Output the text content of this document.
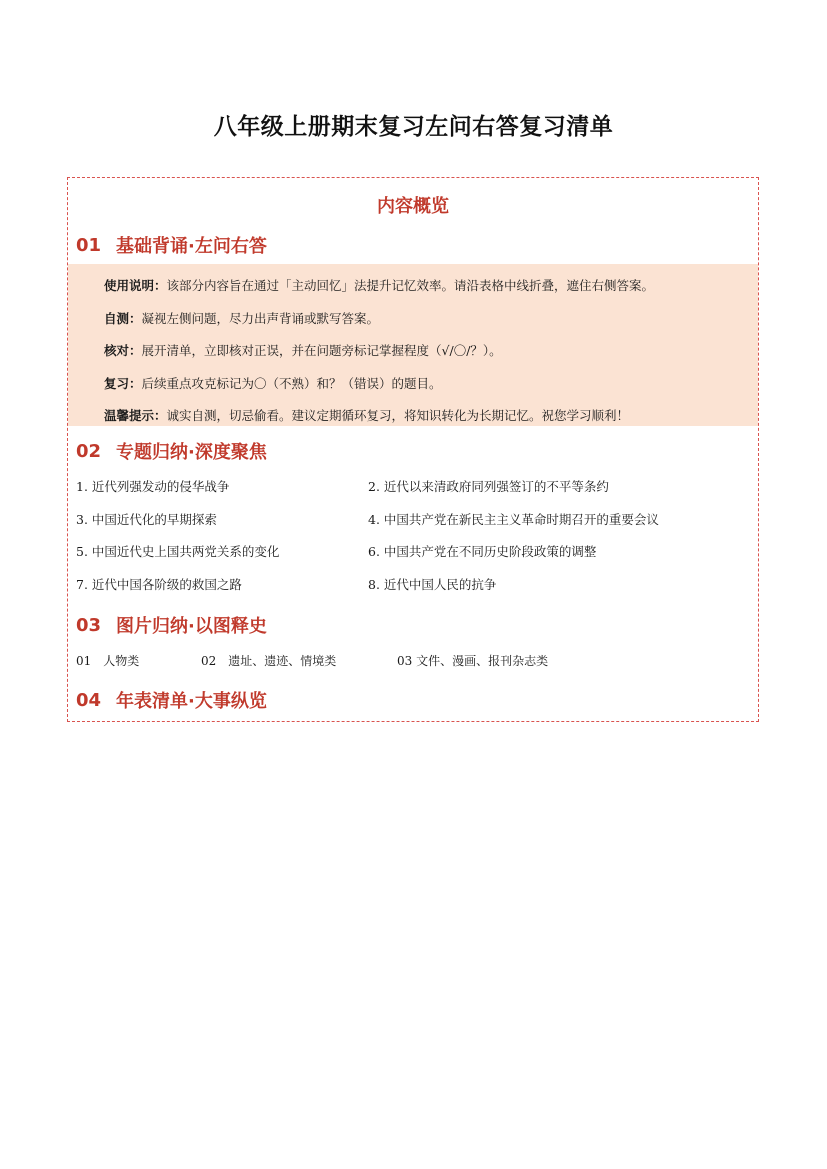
八年级上册期末复习左问右答复习清单
内容概览
01 基础背诵·左问右答
使用说明：该部分内容旨在通过「主动回忆」法提升记忆效率。请沿表格中线折叠，遮住右侧答案。
自测：凝视左侧问题，尽力出声背诵或默写答案。
核对：展开清单，立即核对正误，并在问题旁标记掌握程度（√/〇/？）。
复习：后续重点攻克标记为〇（不熟）和？（错误）的题目。
温馨提示：诚实自测，切忌偷看。建议定期循环复习，将知识转化为长期记忆。祝您学习顺利！
02 专题归纳·深度聚焦
1. 近代列强发动的侵华战争	2. 近代以来清政府同列强签订的不平等条约
3. 中国近代化的早期探索	4. 中国共产党在新民主主义革命时期召开的重要会议
5. 中国近代史上国共两党关系的变化	6. 中国共产党在不同历史阶段政策的调整
7. 近代中国各阶级的救国之路	8. 近代中国人民的抗争
03 图片归纳·以图释史
01　人物类	02　遗址、遗迹、情境类	03 文件、漫画、报刊杂志类
04 年表清单·大事纵览
